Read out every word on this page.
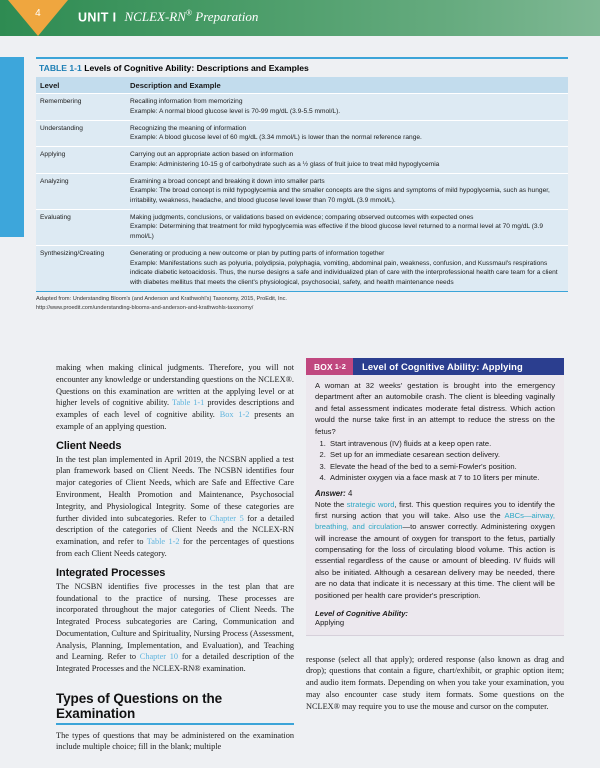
4	UNIT I NCLEX-RN® Preparation
TABLE 1-1 Levels of Cognitive Ability: Descriptions and Examples
Level	Description and Example
Remembering	Recalling information from memorizing
Example: A normal blood glucose level is 70-99 mg/dL (3.9-5.5 mmol/L).

Understanding	Recognizing the meaning of information
Example: A blood glucose level of 60 mg/dL (3.34 mmol/L) is lower than the normal reference range.

Applying	Carrying out an appropriate action based on information
Example: Administering 10-15 g of carbohydrate such as a ½ glass of fruit juice to treat mild hypoglycemia

Analyzing	Examining a broad concept and breaking it down into smaller parts
Example: The broad concept is mild hypoglycemia and the smaller concepts are the signs and symptoms of mild hypoglycemia, such as hunger, irritability, weakness, headache, and blood glucose level lower than 70 mg/dL (3.9 mmol/L).

Evaluating	Making judgments, conclusions, or validations based on evidence; comparing observed outcomes with expected ones
Example: Determining that treatment for mild hypoglycemia was effective if the blood glucose level returned to a normal level at 70 mg/dL (3.9 mmol/L)

Synthesizing/Creating	Generating or producing a new outcome or plan by putting parts of information together
Example: Manifestations such as polyuria, polydipsia, polyphagia, vomiting, abdominal pain, weakness, confusion, and Kussmaul's respirations indicate diabetic ketoacidosis. Thus, the nurse designs a safe and individualized plan of care with the interprofessional health care team for a client with diabetes mellitus that meets the client's physiological, psychosocial, safety, and health maintenance needs
Adapted from: Understanding Bloom's (and Anderson and Krathwohl's) Taxonomy, 2015, ProEdit, Inc.
http://www.proedit.com/understanding-blooms-and-anderson-and-krathwohls-taxonomy/

making when making clinical judgments. Therefore, you will not encounter any knowledge or understanding questions on the NCLEX®. Questions on this examination are written at the applying level or at higher levels of cognitive ability. Table 1-1 provides descriptions and examples of each level of cognitive ability. Box 1-2 presents an example of an applying question.

Client Needs

In the test plan implemented in April 2019, the NCSBN applied a test plan framework based on Client Needs. The NCSBN identifies four major categories of Client Needs, which are Safe and Effective Care Environment, Health Promotion and Maintenance, Psychosocial Integrity, and Physiological Integrity. Some of these categories are further divided into subcategories. Refer to Chapter 5 for a detailed description of the categories of Client Needs and the NCLEX-RN examination, and refer to Table 1-2 for the percentages of questions from each Client Needs category.

Integrated Processes

The NCSBN identifies five processes in the test plan that are foundational to the practice of nursing. These processes are incorporated throughout the major categories of Client Needs. The Integrated Process subcategories are Caring, Communication and Documentation, Culture and Spirituality, Nursing Process (Assessment, Analysis, Planning, Implementation, and Evaluation), and Teaching and Learning. Refer to Chapter 10 for a detailed description of the Integrated Processes and the NCLEX-RN® examination.

Types of Questions on the Examination

The types of questions that may be administered on the examination include multiple choice; fill in the blank; multiple

BOX 1-2	Level of Cognitive Ability: Applying

A woman at 32 weeks' gestation is brought into the emergency department after an automobile crash. The client is bleeding vaginally and fetal assessment indicates moderate fetal distress. Which action would the nurse take first in an attempt to reduce the stress on the fetus?

1. Start intravenous (IV) fluids at a keep open rate.
2. Set up for an immediate cesarean section delivery.
3. Elevate the head of the bed to a semi-Fowler's position.
4. Administer oxygen via a face mask at 7 to 10 liters per minute.
Answer: 4

Note the strategic word, first. This question requires you to identify the first nursing action that you will take. Also use the ABCs—airway, breathing, and circulation—to answer correctly. Administering oxygen will increase the amount of oxygen for transport to the fetus, partially compensating for the loss of circulating blood volume. This action is essential regardless of the cause or amount of bleeding. IV fluids will also be initiated. Although a cesarean delivery may be needed, there are no data that indicate it is necessary at this time. The client will be positioned per health care provider's prescription.

Level of Cognitive Ability:
Applying

response (select all that apply); ordered response (also known as drag and drop); questions that contain a figure, chart/exhibit, or graphic option item; and audio item formats. Depending on when you take your examination, you may also encounter case study item formats. Some questions on the NCLEX® may require you to use the mouse and cursor on the computer.
